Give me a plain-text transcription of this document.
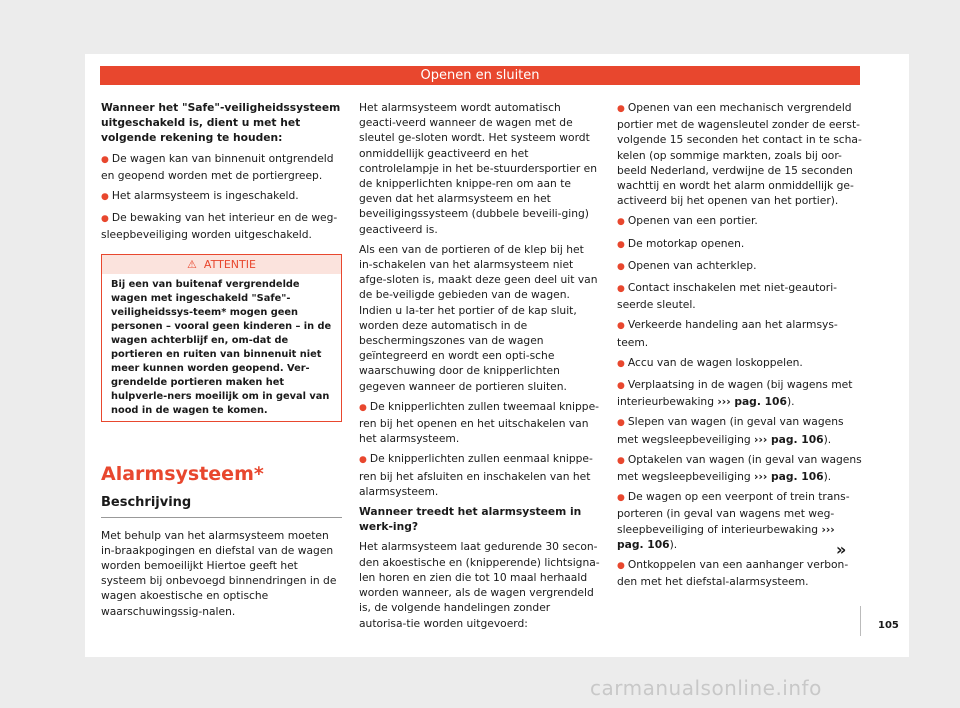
Openen en sluiten

Wanneer het "Safe"-veiligheidssysteem uitgeschakeld is, dient u met het volgende rekening te houden:

● De wagen kan van binnenuit ontgrendeld en geopend worden met de portiergreep.

● Het alarmsysteem is ingeschakeld.

● De bewaking van het interieur en de weg-sleepbeveiliging worden uitgeschakeld.

⚠ ATTENTIE
Bij een van buitenaf vergrendelde wagen met ingeschakeld "Safe"-veiligheidssys-teem* mogen geen personen – vooral geen kinderen – in de wagen achterblijf en, om-dat de portieren en ruiten van binnenuit niet meer kunnen worden geopend. Ver-grendelde portieren maken het hulpverle-ners moeilijk om in geval van nood in de wagen te komen.
Alarmsysteem*
Beschrijving

Met behulp van het alarmsysteem moeten in-braakpogingen en diefstal van de wagen worden bemoeilijkt Hiertoe geeft het systeem bij onbevoegd binnendringen in de wagen akoestische en optische waarschuwingssig-nalen.

Het alarmsysteem wordt automatisch geacti-veerd wanneer de wagen met de sleutel ge-sloten wordt. Het systeem wordt onmiddellijk geactiveerd en het controlelampje in het be-stuurdersportier en de knipperlichten knippe-ren om aan te geven dat het alarmsysteem en het beveiligingssysteem (dubbele beveili-ging) geactiveerd is.

Als een van de portieren of de klep bij het in-schakelen van het alarmsysteem niet afge-sloten is, maakt deze geen deel uit van de be-veiligde gebieden van de wagen. Indien u la-ter het portier of de kap sluit, worden deze automatisch in de beschermingszones van de wagen geïntegreerd en wordt een opti-sche waarschuwing door de knipperlichten gegeven wanneer de portieren sluiten.

● De knipperlichten zullen tweemaal knippe-ren bij het openen en het uitschakelen van het alarmsysteem.

● De knipperlichten zullen eenmaal knippe-ren bij het afsluiten en inschakelen van het alarmsysteem.

Wanneer treedt het alarmsysteem in werk-ing?

Het alarmsysteem laat gedurende 30 secon-den akoestische en (knipperende) lichtsigna-len horen en zien die tot 10 maal herhaald worden wanneer, als de wagen vergrendeld is, de volgende handelingen zonder autorisa-tie worden uitgevoerd:

● Openen van een mechanisch vergrendeld portier met de wagensleutel zonder de eerst-volgende 15 seconden het contact in te scha-kelen (op sommige markten, zoals bij oor-beeld Nederland, verdwijne de 15 seconden wachttij en wordt het alarm onmiddellijk ge-activeerd bij het openen van het portier).

● Openen van een portier.

● De motorkap openen.

● Openen van achterklep.

● Contact inschakelen met niet-geautori-seerde sleutel.

● Verkeerde handeling aan het alarmsys-teem.

● Accu van de wagen loskoppelen.

● Verplaatsing in de wagen (bij wagens met interieurbewaking ››› pag. 106).

● Slepen van wagen (in geval van wagens met wegsleepbeveiliging ››› pag. 106).

● Optakelen van wagen (in geval van wagens met wegsleepbeveiliging ››› pag. 106).

● De wagen op een veerpont of trein trans-porteren (in geval van wagens met weg-sleepbeveiliging of interieurbewaking ››› pag. 106).

● Ontkoppelen van een aanhanger verbon-den met het diefstal-alarmsysteem.

»
105
carmanualsonline.info
